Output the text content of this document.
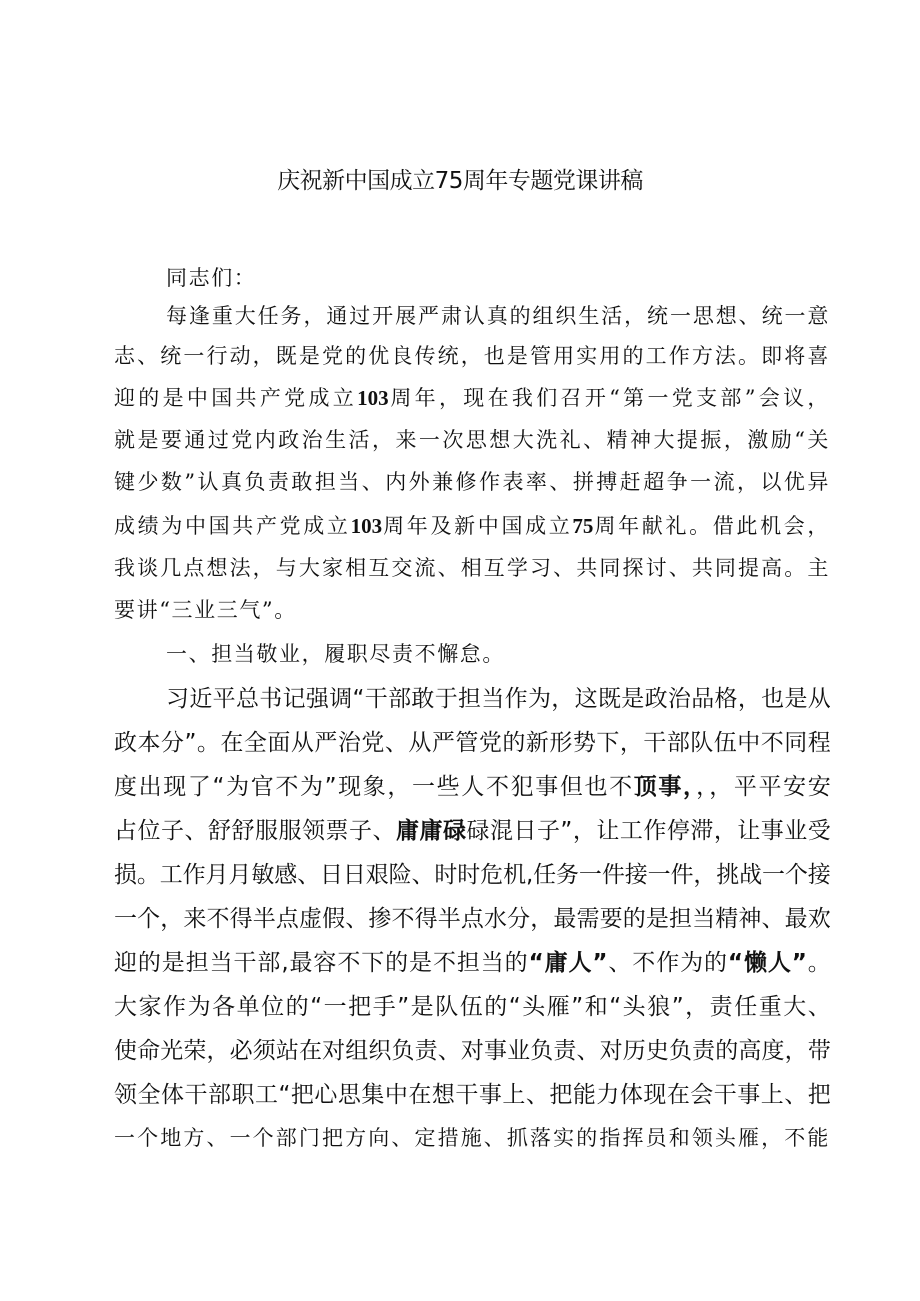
庆祝新中国成立75周年专题党课讲稿
同志们：
每逢重大任务，通过开展严肃认真的组织生活，统一思想、统一意
志、统一行动，既是党的优良传统，也是管用实用的工作方法。即将喜
迎的是中国共产党成立103周年，现在我们召开“第一党支部”会议，
就是要通过党内政治生活，来一次思想大洗礼、精神大提振，激励“关
键少数”认真负责敢担当、内外兼修作表率、拼搏赶超争一流，以优异
成绩为中国共产党成立103周年及新中国成立75周年献礼。借此机会，
我谈几点想法，与大家相互交流、相互学习、共同探讨、共同提高。主
要讲“三业三气”。
一、担当敬业，履职尽责不懈怠。
习近平总书记强调“干部敢于担当作为，这既是政治品格，也是从
政本分”。在全面从严治党、从严管党的新形势下，干部队伍中不同程
度出现了“为官不为”现象，一些人不犯事但也不顶事，，，平平安安
占位子、舒舒服服领票子、庸庸碌碌混日子”，让工作停滞，让事业受
损。工作月月敏感、日日艰险、时时危机,任务一件接一件，挑战一个接
一个，来不得半点虚假、掺不得半点水分，最需要的是担当精神、最欢
迎的是担当干部,最容不下的是不担当的“庸人”、不作为的“懒人”。
大家作为各单位的“一把手”是队伍的“头雁”和“头狼”，责任重大、
使命光荣，必须站在对组织负责、对事业负责、对历史负责的高度，带
领全体干部职工“把心思集中在想干事上、把能力体现在会干事上、把
一个地方、一个部门把方向、定措施、抓落实的指挥员和领头雁，不能
